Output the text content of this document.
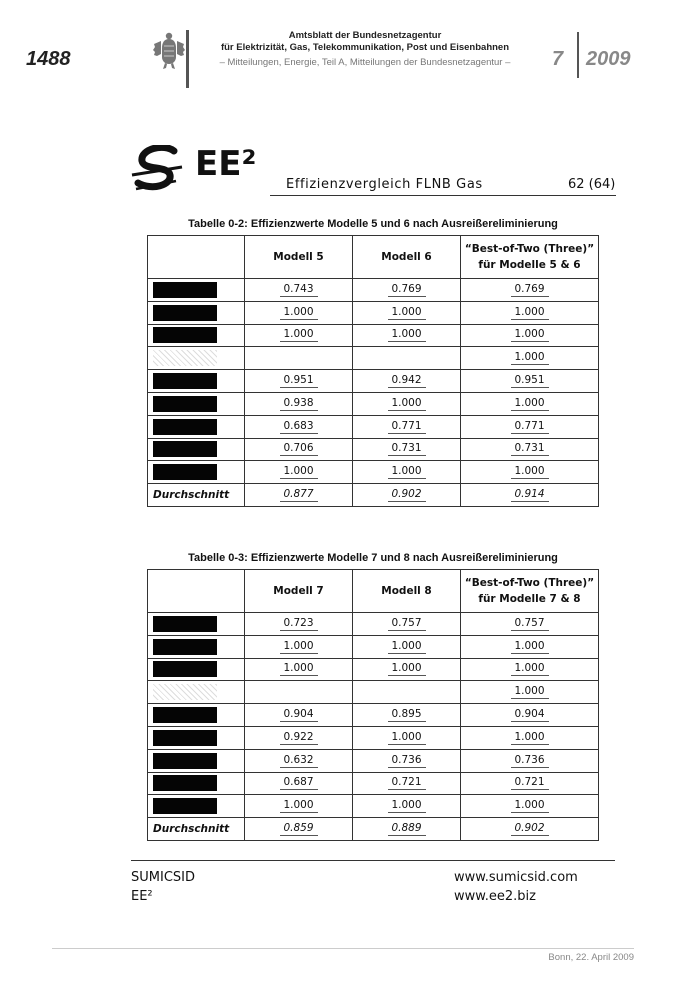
1488
Amtsblatt der Bundesnetzagentur
für Elektrizität, Gas, Telekommunikation, Post und Eisenbahnen
– Mitteilungen, Energie, Teil A, Mitteilungen der Bundesnetzagentur –	7 2009
EE²
Effizienzvergleich FLNB Gas	62 (64)
Tabelle 0-2: Effizienzwerte Modelle 5 und 6 nach Ausreißereliminierung
	Modell 5	Modell 6	“Best-of-Two (Three)”
für Modelle 5 & 6

	0.743	0.769	0.769

	1.000	1.000	1.000

	1.000	1.000	1.000

			1.000

	0.951	0.942	0.951

	0.938	1.000	1.000

	0.683	0.771	0.771

	0.706	0.731	0.731

	1.000	1.000	1.000
Durchschnitt	0.877	0.902	0.914
Tabelle 0-3: Effizienzwerte Modelle 7 und 8 nach Ausreißereliminierung
	Modell 7	Modell 8	“Best-of-Two (Three)”
für Modelle 7 & 8

	0.723	0.757	0.757

	1.000	1.000	1.000

	1.000	1.000	1.000

			1.000

	0.904	0.895	0.904

	0.922	1.000	1.000

	0.632	0.736	0.736

	0.687	0.721	0.721

	1.000	1.000	1.000
Durchschnitt	0.859	0.889	0.902
SUMICSID
EE²
www.sumicsid.com
www.ee2.biz
Bonn, 22. April 2009
